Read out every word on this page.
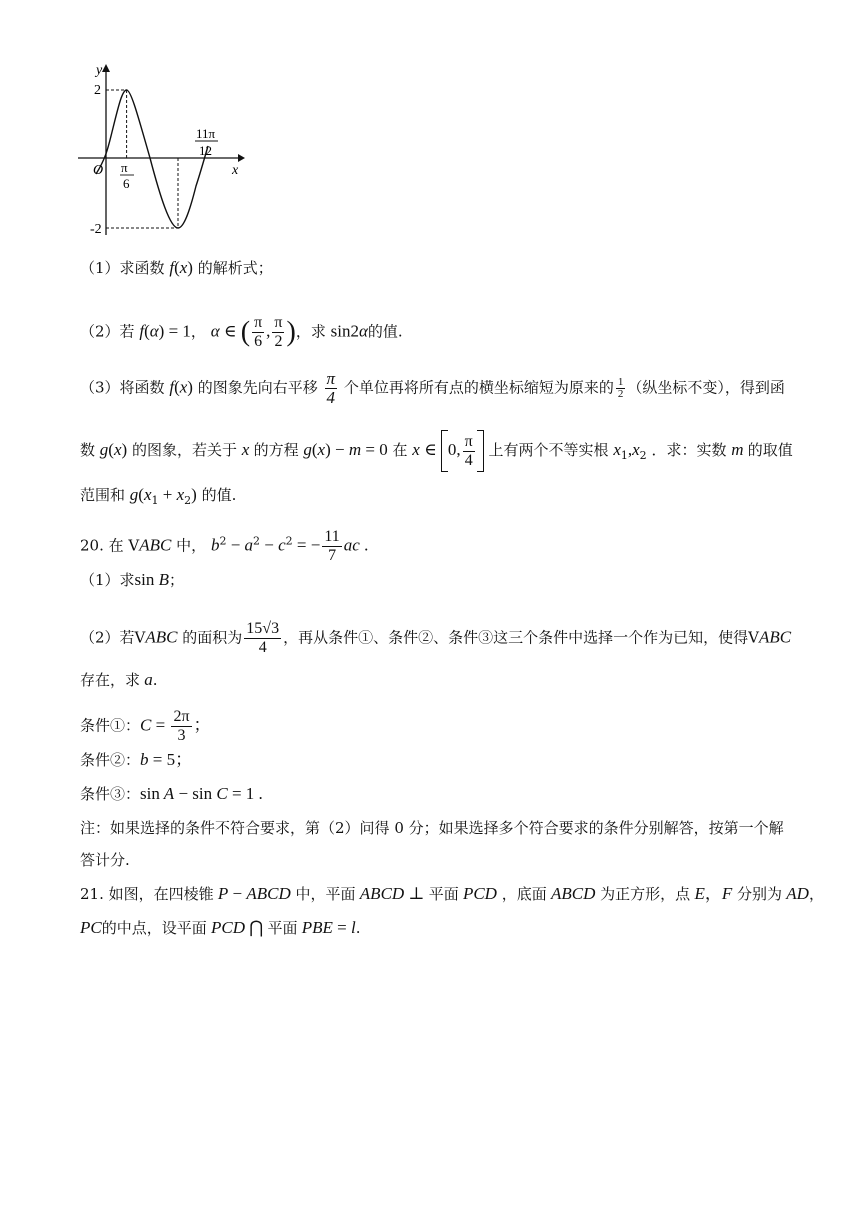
y
x
O
2
-2
π
6
11π
12
（1）求函数 f(x) 的解析式；
（2）若 f(α) = 1， α ∈ ( $\frac{\pi}{6}$ , $\frac{\pi}{2}$ )，求 sin2α的值.
（3）将函数 f(x) 的图象先向右平移 $\frac{\pi}{4}$ 个单位再将所有点的横坐标缩短为原来的 $\frac{1}{2}$ （纵坐标不变），得到函
数 g(x) 的图象，若关于 x 的方程 g(x) − m = 0 在 x ∈ 0, $\frac{\pi}{4}$ 上有两个不等实根 $x_1,x_2$ ．求：实数 m 的取值
范围和 $g(x_1 + x_2)$ 的值.
20. 在 VABC 中， $b^2 - a^2 - c^2$ = − $\frac{11}{7}$ ac .
（1）求sin B；
（2）若VABC 的面积为 $\frac{15√3}{4}$ ，再从条件①、条件②、条件③这三个条件中选择一个作为已知，使得VABC
存在，求 a.
条件①：$C = \frac{2\pi}{3}$ ；
条件②：b = 5；
条件③：sin A − sin C = 1 .
注：如果选择的条件不符合要求，第（2）问得 0 分；如果选择多个符合要求的条件分别解答，按第一个解
答计分.
21. 如图，在四棱锥 P − ABCD 中，平面 ABCD ⊥ 平面 PCD ，底面 ABCD 为正方形，点 E，F 分别为 AD，
PC的中点，设平面 PCD ⋂ 平面 PBE = l.
